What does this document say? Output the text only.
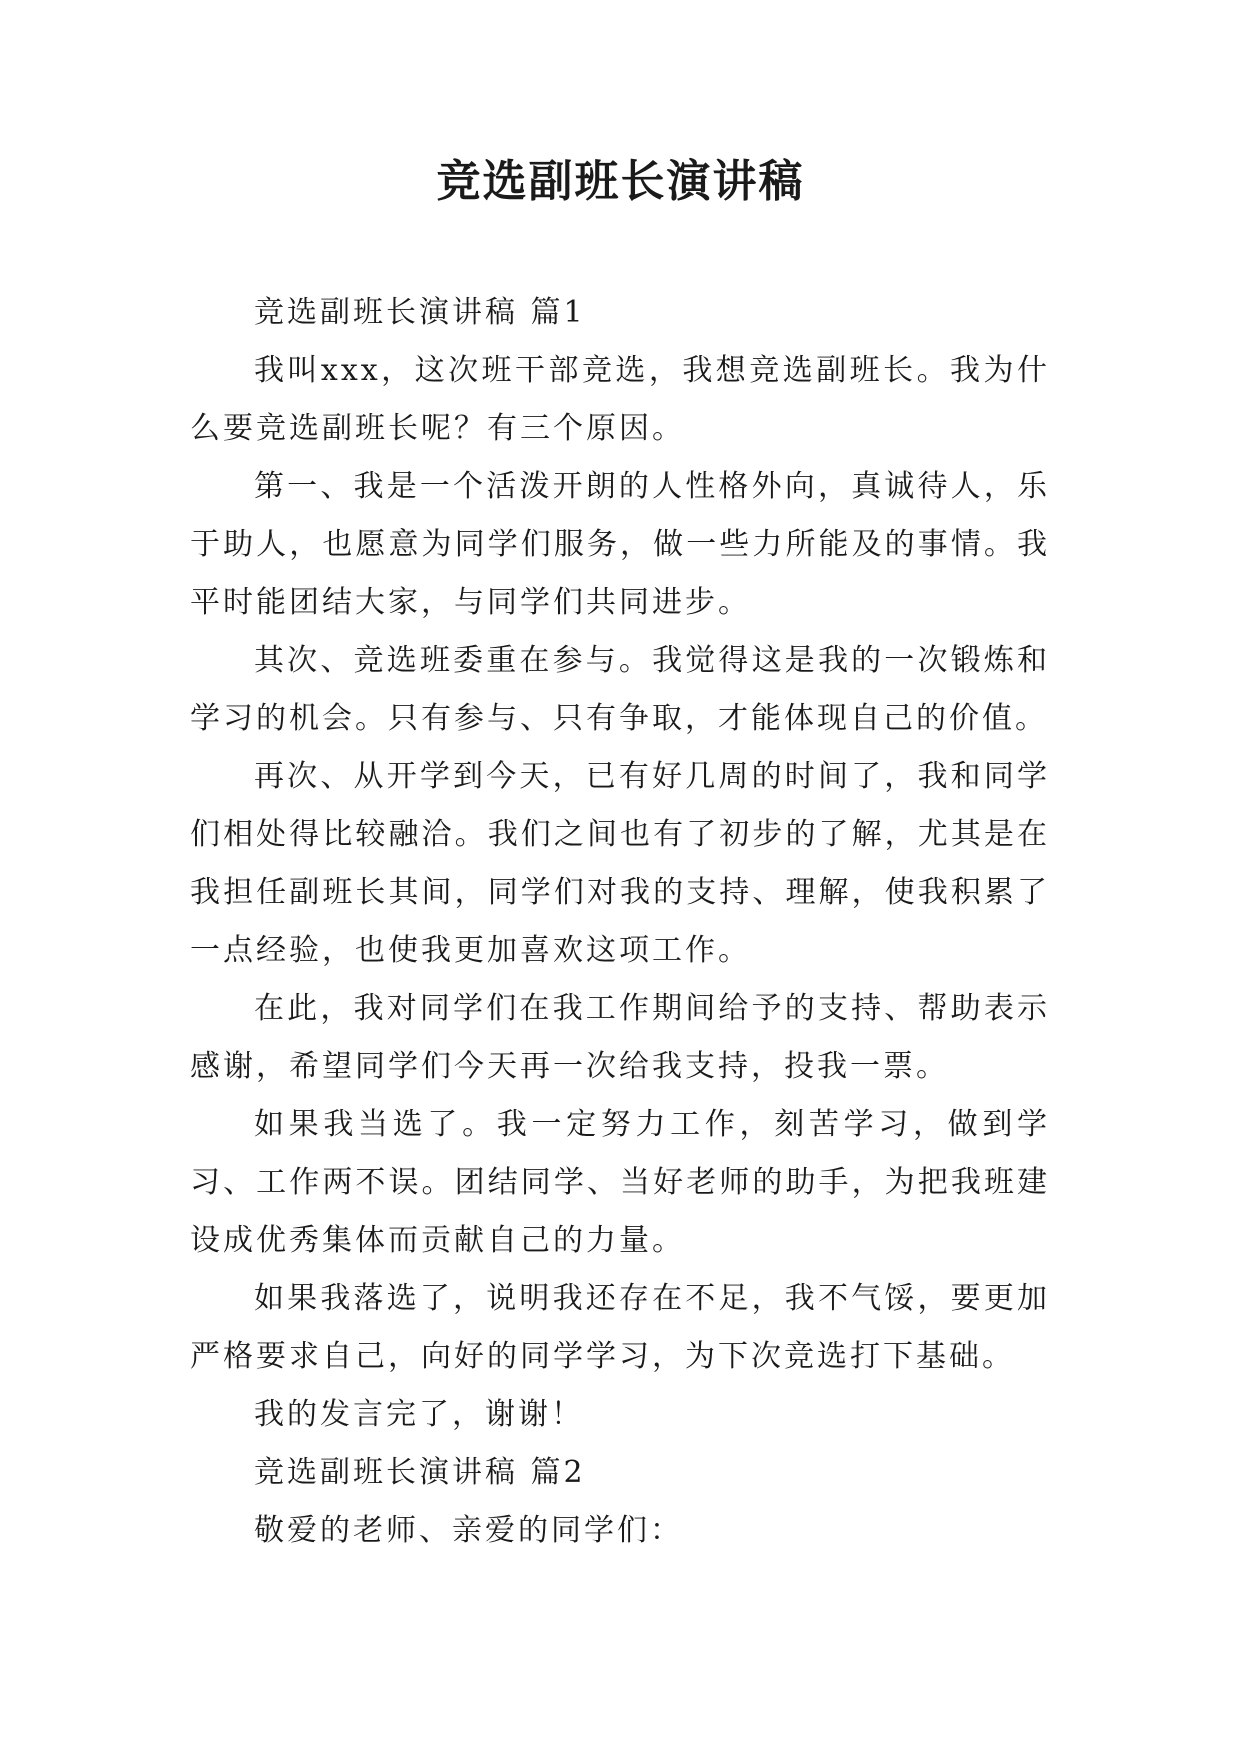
竞选副班长演讲稿

竞选副班长演讲稿 篇1

我叫xxx，这次班干部竞选，我想竞选副班长。我为什么要竞选副班长呢？有三个原因。

第一、我是一个活泼开朗的人性格外向，真诚待人，乐于助人，也愿意为同学们服务，做一些力所能及的事情。我平时能团结大家，与同学们共同进步。

其次、竞选班委重在参与。我觉得这是我的一次锻炼和学习的机会。只有参与、只有争取，才能体现自己的价值。

再次、从开学到今天，已有好几周的时间了，我和同学们相处得比较融洽。我们之间也有了初步的了解，尤其是在我担任副班长其间，同学们对我的支持、理解，使我积累了一点经验，也使我更加喜欢这项工作。

在此，我对同学们在我工作期间给予的支持、帮助表示感谢，希望同学们今天再一次给我支持，投我一票。

如果我当选了。我一定努力工作，刻苦学习，做到学习、工作两不误。团结同学、当好老师的助手，为把我班建设成优秀集体而贡献自己的力量。

如果我落选了，说明我还存在不足，我不气馁，要更加严格要求自己，向好的同学学习，为下次竞选打下基础。

我的发言完了，谢谢！

竞选副班长演讲稿 篇2

敬爱的老师、亲爱的同学们：
